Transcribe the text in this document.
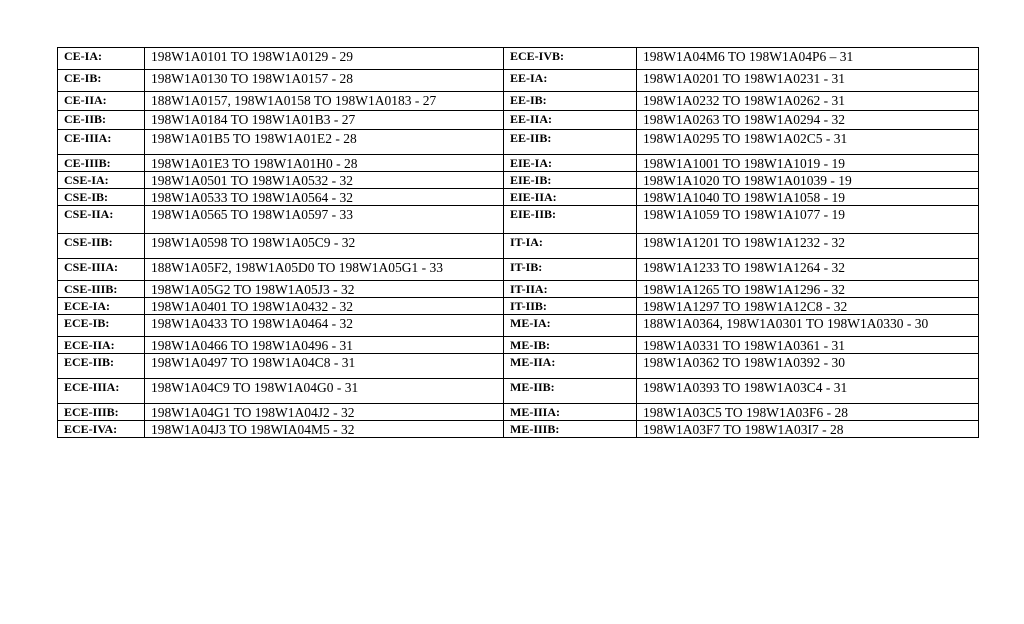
CE-IA:	198W1A0101 TO 198W1A0129 - 29	ECE-IVB:	198W1A04M6 TO 198W1A04P6 – 31

CE-IB:	198W1A0130 TO 198W1A0157 - 28	EE-IA:	198W1A0201 TO 198W1A0231 - 31

CE-IIA:	188W1A0157, 198W1A0158 TO 198W1A0183 - 27	EE-IB:	198W1A0232 TO 198W1A0262 - 31

CE-IIB:	198W1A0184 TO 198W1A01B3 - 27	EE-IIA:	198W1A0263 TO 198W1A0294 - 32

CE-IIIA:	198W1A01B5 TO 198W1A01E2 - 28	EE-IIB:	198W1A0295 TO 198W1A02C5 - 31

CE-IIIB:	198W1A01E3 TO 198W1A01H0 - 28	EIE-IA:	198W1A1001 TO 198W1A1019 - 19

CSE-IA:	198W1A0501 TO 198W1A0532 - 32	EIE-IB:	198W1A1020 TO 198W1A01039 - 19

CSE-IB:	198W1A0533 TO 198W1A0564 - 32	EIE-IIA:	198W1A1040 TO 198W1A1058 - 19

CSE-IIA:	198W1A0565 TO 198W1A0597 - 33	EIE-IIB:	198W1A1059 TO 198W1A1077 - 19

CSE-IIB:	198W1A0598 TO 198W1A05C9 - 32	IT-IA:	198W1A1201 TO 198W1A1232 - 32

CSE-IIIA:	188W1A05F2, 198W1A05D0 TO 198W1A05G1 - 33	IT-IB:	198W1A1233 TO 198W1A1264 - 32

CSE-IIIB:	198W1A05G2 TO 198W1A05J3 - 32	IT-IIA:	198W1A1265 TO 198W1A1296 - 32

ECE-IA:	198W1A0401 TO 198W1A0432 - 32	IT-IIB:	198W1A1297 TO 198W1A12C8 - 32

ECE-IB:	198W1A0433 TO 198W1A0464 - 32	ME-IA:	188W1A0364, 198W1A0301 TO 198W1A0330 - 30

ECE-IIA:	198W1A0466 TO 198W1A0496 - 31	ME-IB:	198W1A0331 TO 198W1A0361 - 31

ECE-IIB:	198W1A0497 TO 198W1A04C8 - 31	ME-IIA:	198W1A0362 TO 198W1A0392 - 30

ECE-IIIA:	198W1A04C9 TO 198W1A04G0 - 31	ME-IIB:	198W1A0393 TO 198W1A03C4 - 31

ECE-IIIB:	198W1A04G1 TO 198W1A04J2 - 32	ME-IIIA:	198W1A03C5 TO 198W1A03F6 - 28

ECE-IVA:	198W1A04J3 TO 198WIA04M5 - 32	ME-IIIB:	198W1A03F7 TO 198W1A03I7 - 28
